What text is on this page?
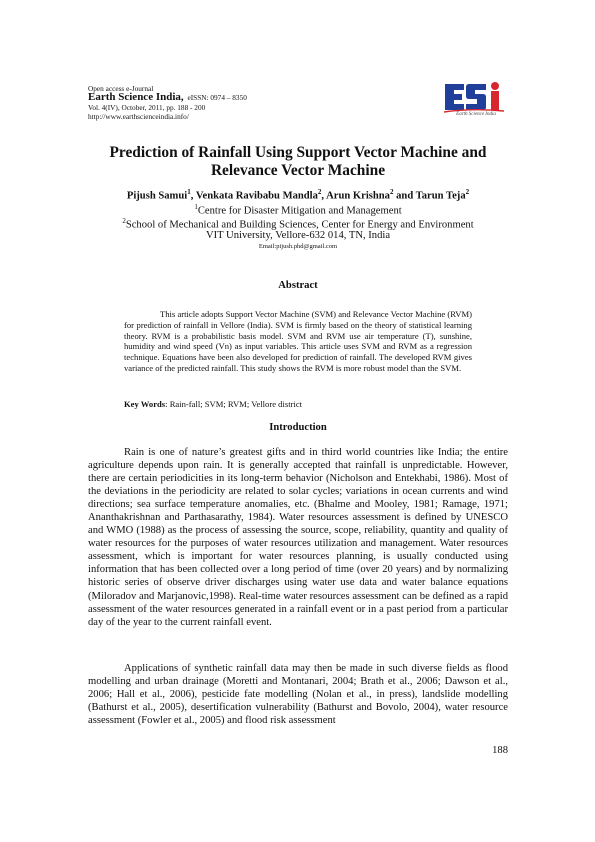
Open access e-Journal
Earth Science India, eISSN: 0974 – 8350
Vol. 4(IV), October, 2011, pp. 188 - 200
http://www.earthscienceindia.info/	Earth Science India
Prediction of Rainfall Using Support Vector Machine and
Relevance Vector Machine
Pijush Samui$^1$, Venkata Ravibabu Mandla$^2$, Arun Krishna$^2$ and Tarun Teja$^2$
$^1$Centre for Disaster Mitigation and Management
$^2$School of Mechanical and Building Sciences, Center for Energy and Environment
VIT University, Vellore-632 014, TN, India
Email:pijush.phd@gmail.com
Abstract

This article adopts Support Vector Machine (SVM) and Relevance Vector Machine (RVM) for prediction of rainfall in Vellore (India). SVM is firmly based on the theory of statistical learning theory. RVM is a probabilistic basis model. SVM and RVM use air temperature (T), sunshine, humidity and wind speed (Vn) as input variables. This article uses SVM and RVM as a regression technique. Equations have been also developed for prediction of rainfall. The developed RVM gives variance of the predicted rainfall. This study shows the RVM is more robust model than the SVM.

Key Words: Rain-fall; SVM; RVM; Vellore district
Introduction

Rain is one of nature’s greatest gifts and in third world countries like India; the entire agriculture depends upon rain. It is generally accepted that rainfall is unpredictable. However, there are certain periodicities in its long-term behavior (Nicholson and Entekhabi, 1986). Most of the deviations in the periodicity are related to solar cycles; variations in ocean currents and wind directions; sea surface temperature anomalies, etc. (Bhalme and Mooley, 1981; Ramage, 1971; Ananthakrishnan and Parthasarathy, 1984). Water resources assessment is defined by UNESCO and WMO (1988) as the process of assessing the source, scope, reliability, quantity and quality of water resources for the purposes of water resources utilization and management. Water resources assessment, which is important for water resources planning, is usually conducted using information that has been collected over a long period of time (over 20 years) and by normalizing historic series of observe driver discharges using water use data and water balance equations (Miloradov and Marjanovic,1998). Real-time water resources assessment can be defined as a rapid assessment of the water resources generated in a rainfall event or in a past period from a particular day of the year to the current rainfall event.

Applications of synthetic rainfall data may then be made in such diverse fields as flood modelling and urban drainage (Moretti and Montanari, 2004; Brath et al., 2006; Dawson et al., 2006; Hall et al., 2006), pesticide fate modelling (Nolan et al., in press), landslide modelling (Bathurst et al., 2005), desertification vulnerability (Bathurst and Bovolo, 2004), water resource assessment (Fowler et al., 2005) and flood risk assessment

188
